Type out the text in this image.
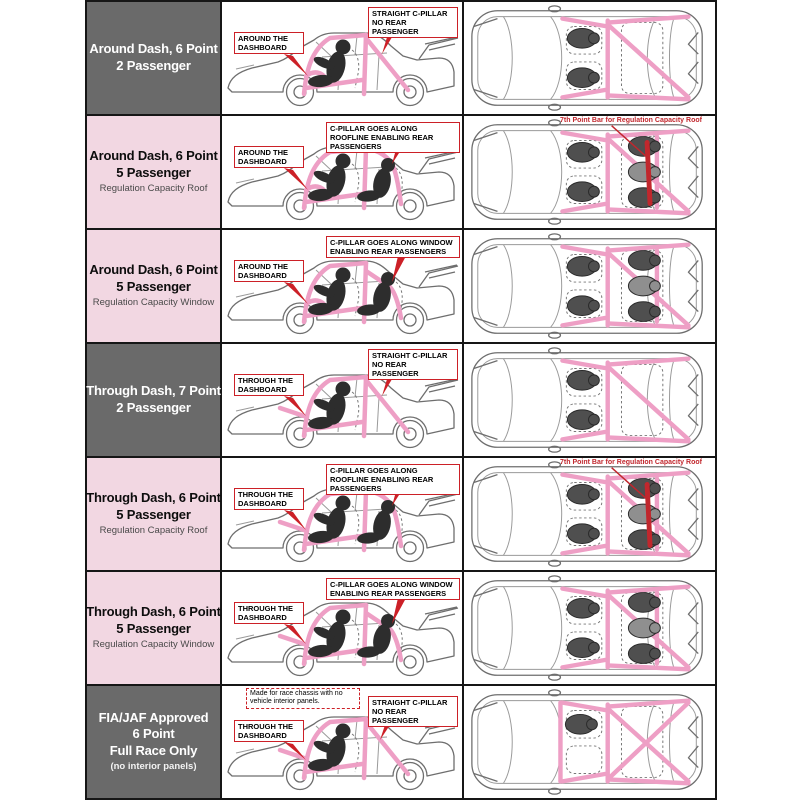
Around Dash, 6 Point
2 Passenger
AROUND THE DASHBOARD
STRAIGHT C-PILLAR NO REAR PASSENGER
Around Dash, 6 Point
5 Passenger
Regulation Capacity Roof
AROUND THE DASHBOARD
C-PILLAR GOES ALONG ROOFLINE ENABLING REAR PASSENGERS
7th Point Bar for Regulation Capacity Roof
Around Dash, 6 Point
5 Passenger
Regulation Capacity Window
AROUND THE DASHBOARD
C-PILLAR GOES ALONG WINDOW ENABLING REAR PASSENGERS
Through Dash, 7 Point
2 Passenger
THROUGH THE DASHBOARD
STRAIGHT C-PILLAR NO REAR PASSENGER
Through Dash, 6 Point
5 Passenger
Regulation Capacity Roof
THROUGH THE DASHBOARD
C-PILLAR GOES ALONG ROOFLINE ENABLING REAR PASSENGERS
7th Point Bar for Regulation Capacity Roof
Through Dash, 6 Point
5 Passenger
Regulation Capacity Window
THROUGH THE DASHBOARD
C-PILLAR GOES ALONG WINDOW ENABLING REAR PASSENGERS
FIA/JAF Approved
6 Point
Full Race Only
(no interior panels)
Made for race chassis with no vehicle interior panels.
THROUGH THE DASHBOARD
STRAIGHT C-PILLAR NO REAR PASSENGER
